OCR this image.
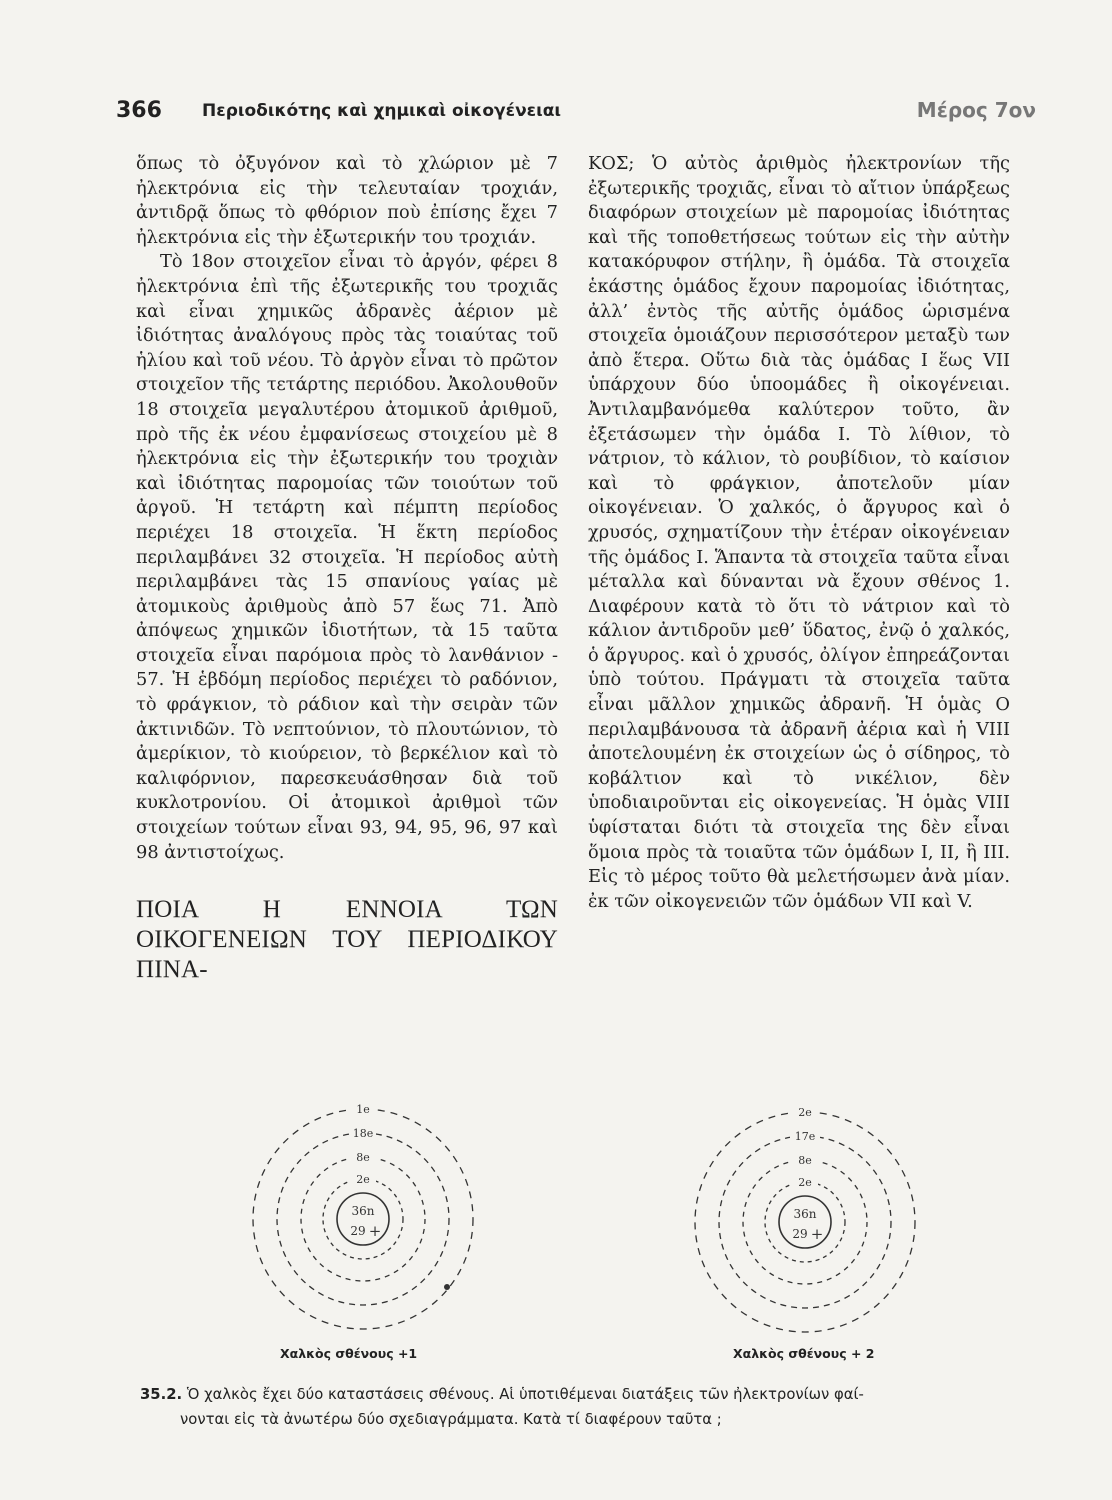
366 Περιοδικότης καὶ χημικαὶ οἰκογένειαι	Μέρος 7ον

ὅπως τὸ ὀξυγόνον καὶ τὸ χλώριον μὲ 7 ἠλεκτρόνια εἰς τὴν τελευταίαν τροχιάν, ἀντιδρᾷ ὅπως τὸ φθόριον ποὺ ἐπίσης ἔχει 7 ἠλεκτρόνια εἰς τὴν ἐξωτερικήν του τροχιάν.

Τὸ 18ον στοιχεῖον εἶναι τὸ ἀργόν, φέρει 8 ἠλεκτρόνια ἐπὶ τῆς ἐξωτερικῆς του τροχιᾶς καὶ εἶναι χημικῶς ἀδρανὲς ἀέριον μὲ ἰδιότητας ἀναλόγους πρὸς τὰς τοιαύτας τοῦ ἡλίου καὶ τοῦ νέου. Τὸ ἀργὸν εἶναι τὸ πρῶτον στοιχεῖον τῆς τετάρτης περιόδου. Ἀκολουθοῦν 18 στοιχεῖα μεγαλυτέρου ἀτομικοῦ ἀριθμοῦ, πρὸ τῆς ἐκ νέου ἐμφανίσεως στοιχείου μὲ 8 ἠλεκτρόνια εἰς τὴν ἐξωτερικήν του τροχιὰν καὶ ἰδιότητας παρομοίας τῶν τοιούτων τοῦ ἀργοῦ. Ἡ τετάρτη καὶ πέμπτη περίοδος περιέχει 18 στοιχεῖα. Ἡ ἕκτη περίοδος περιλαμβάνει 32 στοιχεῖα. Ἡ περίοδος αὐτὴ περιλαμβάνει τὰς 15 σπανίους γαίας μὲ ἀτομικοὺς ἀριθμοὺς ἀπὸ 57 ἕως 71. Ἀπὸ ἀπόψεως χημικῶν ἰδιοτήτων, τὰ 15 ταῦτα στοιχεῖα εἶναι παρόμοια πρὸς τὸ λανθάνιον - 57. Ἡ ἑβδόμη περίοδος περιέχει τὸ ραδόνιον, τὸ φράγκιον, τὸ ράδιον καὶ τὴν σειρὰν τῶν ἀκτινιδῶν. Τὸ νεπτούνιον, τὸ πλουτώνιον, τὸ ἀμερίκιον, τὸ κιούρειον, τὸ βερκέλιον καὶ τὸ καλιφόρνιον, παρεσκευάσθησαν διὰ τοῦ κυκλοτρονίου. Οἱ ἀτομικοὶ ἀριθμοὶ τῶν στοιχείων τούτων εἶναι 93, 94, 95, 96, 97 καὶ 98 ἀντιστοίχως.

ΠΟΙΑ Η ΕΝΝΟΙΑ ΤΩΝ ΟΙΚΟΓΕΝΕΙΩΝ ΤΟΥ ΠΕΡΙΟΔΙΚΟΥ ΠΙΝΑ-

ΚΟΣ; Ὁ αὐτὸς ἀριθμὸς ἠλεκτρονίων τῆς ἐξωτερικῆς τροχιᾶς, εἶναι τὸ αἴτιον ὑπάρξεως διαφόρων στοιχείων μὲ παρομοίας ἰδιότητας καὶ τῆς τοποθετήσεως τούτων εἰς τὴν αὐτὴν κατακόρυφον στήλην, ἢ ὁμάδα. Τὰ στοιχεῖα ἑκάστης ὁμάδος ἔχουν παρομοίας ἰδιότητας, ἀλλ’ ἐντὸς τῆς αὐτῆς ὁμάδος ὡρισμένα στοιχεῖα ὁμοιάζουν περισσότερον μεταξὺ των ἀπὸ ἕτερα. Οὕτω διὰ τὰς ὁμάδας I ἕως VII ὑπάρχουν δύο ὑποομάδες ἢ οἰκογένειαι. Ἀντιλαμβανόμεθα καλύτερον τοῦτο, ἂν ἐξετάσωμεν τὴν ὁμάδα I. Τὸ λίθιον, τὸ νάτριον, τὸ κάλιον, τὸ ρουβίδιον, τὸ καίσιον καὶ τὸ φράγκιον, ἀποτελοῦν μίαν οἰκογένειαν. Ὁ χαλκός, ὁ ἄργυρος καὶ ὁ χρυσός, σχηματίζουν τὴν ἑτέραν οἰκογένειαν τῆς ὁμάδος I. Ἅπαντα τὰ στοιχεῖα ταῦτα εἶναι μέταλλα καὶ δύνανται νὰ ἔχουν σθένος 1. Διαφέρουν κατὰ τὸ ὅτι τὸ νάτριον καὶ τὸ κάλιον ἀντιδροῦν μεθ’ ὕδατος, ἐνῷ ὁ χαλκός, ὁ ἄργυρος. καὶ ὁ χρυσός, ὀλίγον ἐπηρεάζονται ὑπὸ τούτου. Πράγματι τὰ στοιχεῖα ταῦτα εἶναι μᾶλλον χημικῶς ἀδρανῆ. Ἡ ὁμὰς O περιλαμβάνουσα τὰ ἀδρανῆ ἀέρια καὶ ἡ VIII ἀποτελουμένη ἐκ στοιχείων ὡς ὁ σίδηρος, τὸ κοβάλτιον καὶ τὸ νικέλιον, δὲν ὑποδιαιροῦνται εἰς οἰκογενείας. Ἡ ὁμὰς VIII ὑφίσταται διότι τὰ στοιχεῖα της δὲν εἶναι ὅμοια πρὸς τὰ τοιαῦτα τῶν ὁμάδων I, II, ἢ III. Εἰς τὸ μέρος τοῦτο θὰ μελετήσωμεν ἀνὰ μίαν. ἐκ τῶν οἰκογενειῶν τῶν ὁμάδων VII καὶ V.

1e
18e
8e
2e
36n
29 +
Χαλκὸς σθένους +1
2e
17e
8e
2e
36n
29 +
Χαλκὸς σθένους + 2
35.2. Ὁ χαλκὸς ἔχει δύο καταστάσεις σθένους. Αἱ ὑποτιθέμεναι διατάξεις τῶν ἠλεκτρονίων φαί-
νονται εἰς τὰ ἀνωτέρω δύο σχεδιαγράμματα. Κατὰ τί διαφέρουν ταῦτα ;
